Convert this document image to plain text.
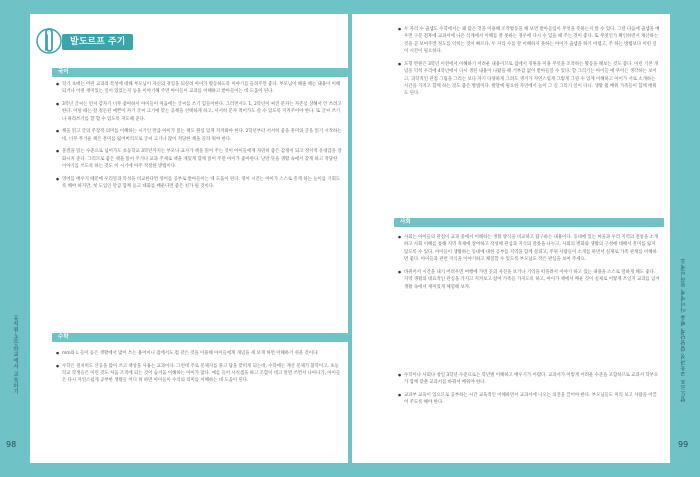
발도르프 주기
국어
● 학기 초에는 어떤 교과의 특성에 대해 부모님이 자신의 경험을 되살려 아이가 활동하도록 이야기를 들려주면 좋다. 부모님이 해줄 때는 내용이 이해되거나 어떤 재미있는 일이 있었는지 등을 이야기해 주면 아이들이 교과를 이해하고 받아들이는 데 도움이 된다.
● 3학년 글씨는 먼저 감자기 너무 좋아하서 아이들이 처음에는 글씨를 쓰기 힘들어한다. 그러면서도 1, 2학년이 써진 문자는 자존심 상해서 안 쓰려고 한다. 이럴 때는 잘 정돈된 예쁜이 자기 글씨 크기에 맞는 공책을 선택하게 하고, 서서히 문자 적어가도 쓸 수 있도록 지켜주어야 한다. 또 글씨 쓰기나 따라쓰기를 할 할 수 있도록 지도해 준다.
● 책을 읽고 글의 주장적 의미를 이해하는 시기인 만큼 아이가 읽는 책도 원심 있게 지켜봐야 한다. 2학년부터 서서히 좋을 흥미의 글을 읽기 시작하는데, 너무 무거운 책은 흥미를 잃어버리므로 글씨 크기나 많이 적당한 책을 골라 줘야 한다.
● 물결을 읽는 수준으로 넘어가도 초등학교 3학년까지는 부모나 교사가 책을 읽어 주는 것이 아이들에게 자연히 좋은 감정이 되고 정서적 유대감을 강화시켜 준다. 그리므로 좋은 책을 읽어 주거나 교과 주제로 책을 재밌게 함께 읽어 주면 아이가 좋아한다. 날말 뜻을 생활 속에서 찾게 하고 적당한 이야기를 쓰도록 하는 것도 이 시기에 아주 적절한 방법이다.
● 영어를 배우기 때문에 우리말과 특성을 비교한다면 영어를 공부로 받아들이는 데 도움이 된다. 영어 시간는 아이가 스스로 흥게 하는 놀이를 기회도록 해야 하지만, 첫 도입인 만큼 함께 듣고 대화를 배운다면 좋은 친가 될 것이다.
수학
● mm와 L 들이 등은 생활에서 많이 쓰는 용어이니 집에서도 컵 같은 것을 이용해 아이들에게 개념을 세 보게 하면 이해하기 쉬울 것이다.
● 수학은 철저히도 산공을 많이 쓰고 책상을 사용는 교과이다. 그런데 주로 문제지를 풀고 답을 맞히게 되는데, 수학에는 계산 문제가 불학이고, 초등학교 학생들은 이런 것도 처음 조적에 되는 것이 숨겨움 이해하는 아이가 많다. 예를 들어 사칙셈을 하고 조합이 데고 알면 쓰면서 나아나가, 아이들은 다시 자연스럽게 공부한 생활들 어디 위 하면 아이들이 수식의 의미를 이해하는 데 도움이 된다.
● 두 자리 수 곱셈도 수학에서는 꽤 많은 것을 이용해 조작활동을 해 보면 받아들임이 무엇을 뜻하는지 알 수 있다. 그런 다음에 곱셈을 배우면 구문 전후에 교과서에 나온 식계에서 이해를 잘 못하는 경우에 다시 수 있을 때 주는 것이 좋다. 또 무엇인가 확인하면서 계산하는 것을 곧 보여주면 정도를 익히는 것이 빠르다. 두 자리 수를 잘 이해하지 못하는 아이가 곱셈을 하기 어렵고, 주 하는 방법보다 어떤 일이 시간이 필요하다.
● 도형 반원은 3학년 이전에서 이해하기 어려운 내용이므로 집에서 정원을 이용 무엇을 조작하는 활동을 해보는 것도 좋다. 이런 기본 개념을 익히 우리에 4학년에서 다시 생된 내용이 나왔을 때 거부감 없이 받아들일 수 있다. 할 그리기는 아이들 에 무어든 생각하는 보이고, 과학적인 관점 그림을 그리는 보다 자기 다양하게 그려도 생겨가 자연스럽게 그렇게 그릴 수 있게 이해하고 아이가 서로 소개하는 시간을 가지고 함께 하는 것도 좋은 방법이다. 발달에 필요한 자연에서 놀이 그 길 그리기 일이 다니. 생활 뭘 배워 가족들이 함께 배워도 된다.
사회
● 사회는 아이들의 관점이 교과 중에서 이해하는 생활 방식을 비교하고 탐구하는 내용이다. 동네에 있는 마을과 우리 지역의 전통을 소개하고 사회 이해를 통해 지역 축제에 참여하고 작성해 관심과 지식의 잘못을 나누고, 사회의 변화와 생활의 구성에 대해서 흥미를 잃지 않도록 수 있다. 아이들이 생활하는 동네에 대한 공부를 지역을 함께 살피고, 주위 사람들이 소개를 하면서 실제로 가족 관계를 이해하면 좋다. 아이들과 관련 지식을 이야기하고 체험할 수 있도록 부모님도 작은 관심을 보여 주세요.
● 바뀌어서 시간을 내기 어려우면 여행에 가면 곳의 사진을 보거나 기억을 떠올려서 이야기 하고 있는 내용을 스스로 말하게 해도 좋다. 지역 생활의 대표적인 관심을 가지고 지켜보고 참여 가족들 가지도록 하고, 아이가 책에서 배운 것이 실제로 어떻게 쓰일지 교과를 넘어 생활 속에서 재미있게 체험해 보자.
● 수학이나 사회나 창일 3학년 수준으로는 학년별 이해하고 배우기가 어렵다. 교과서가 이렇게 어려운 수준을 포함하므로 교과서 학부모가 함께 맞춘 교과서를 바꿔서 배워야 한다.
● 교과부 교육이 있으므로 공부하는 시간 교육적인 이해하면서 교과서에 나오는 의견을 끌어야 한다. 부모님들도 미리 보고 사람을 이끌어 주도록 해야 한다.
유치원·초등학교에서 교육하기
98
발도르프 교육과정 발달단계 배울 아이에게 물어보세요
99
